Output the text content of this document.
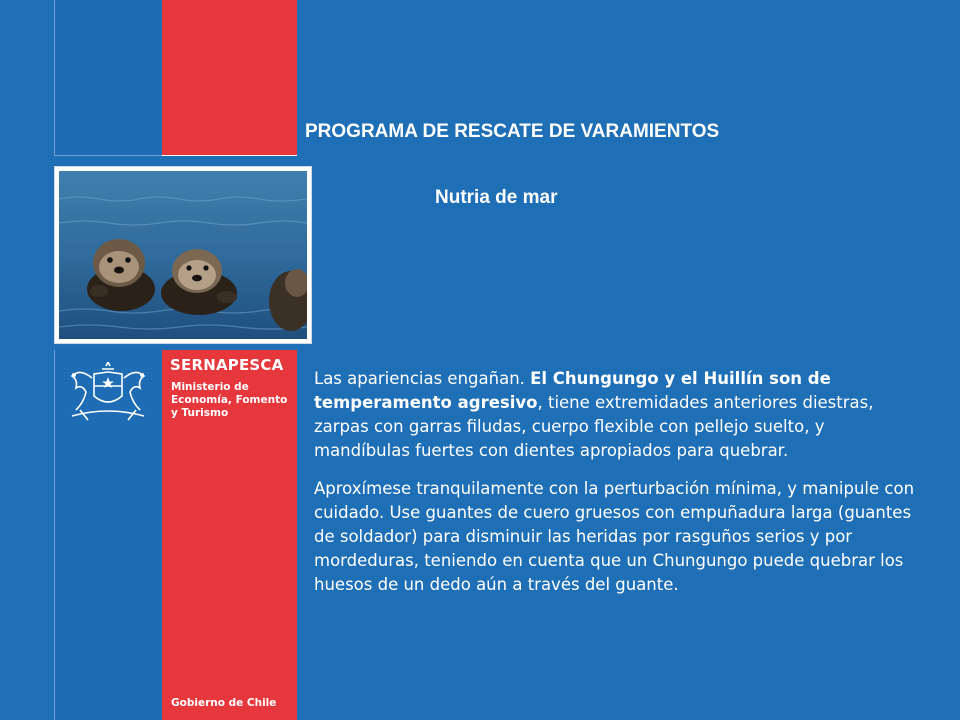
SERNAPESCA
Ministerio de
Economía, Fomento
y Turismo
Gobierno de Chile
PROGRAMA DE RESCATE DE VARAMIENTOS
Nutria de mar

Las apariencias engañan. El Chungungo y el Huillín son de temperamento agresivo, tiene extremidades anteriores diestras, zarpas con garras filudas, cuerpo flexible con pellejo suelto, y mandíbulas fuertes con dientes apropiados para quebrar.

Aproxímese tranquilamente con la perturbación mínima, y manipule con cuidado. Use guantes de cuero gruesos con empuñadura larga (guantes de soldador) para disminuir las heridas por rasguños serios y por mordeduras, teniendo en cuenta que un Chungungo puede quebrar los huesos de un dedo aún a través del guante.
